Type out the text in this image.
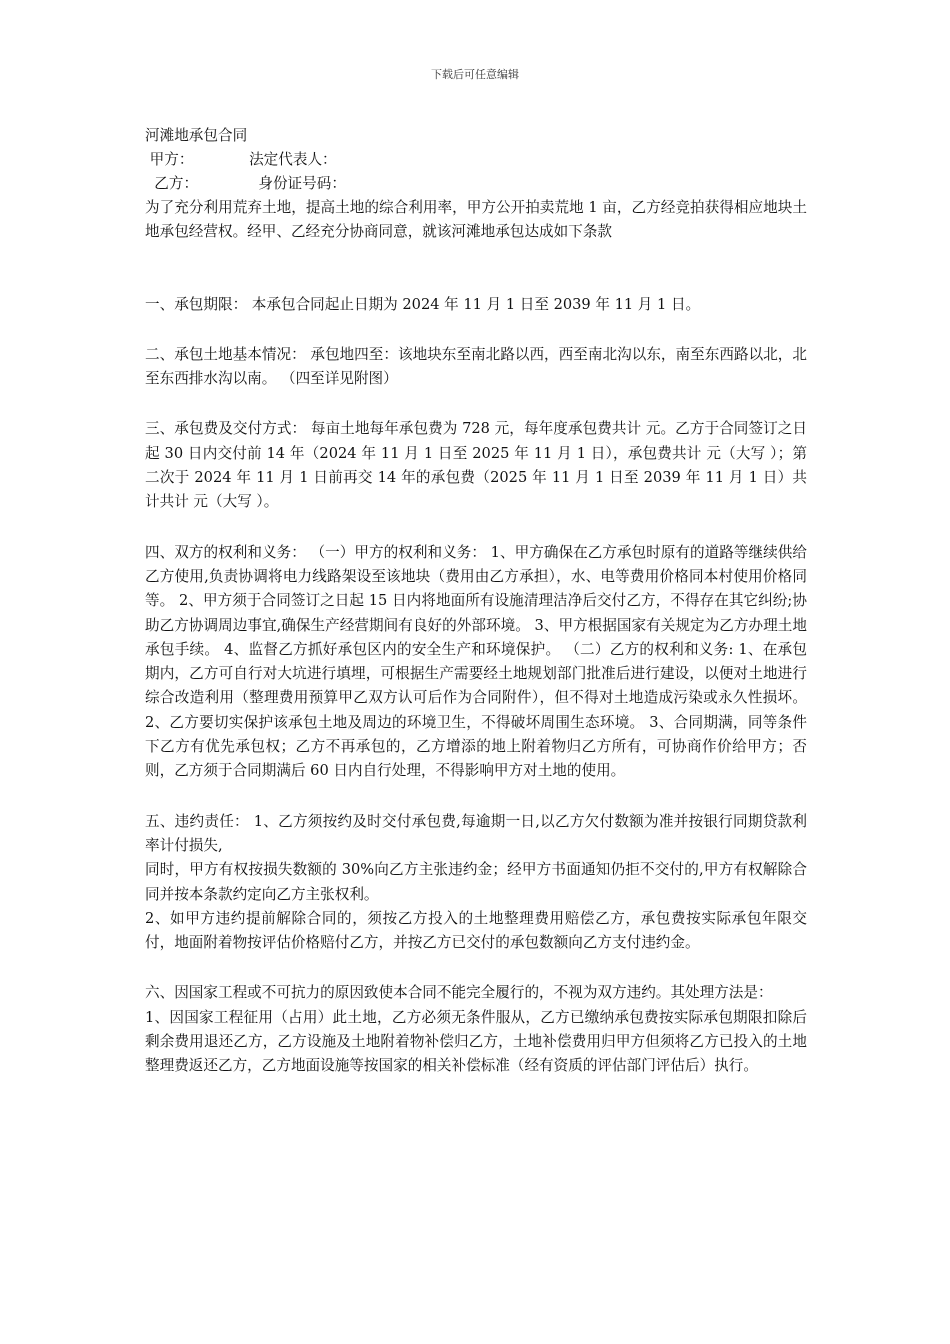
下载后可任意编辑
河滩地承包合同
甲方：            法定代表人：
乙方：             身份证号码：
为了充分利用荒弃土地，提高土地的综合利用率，甲方公开拍卖荒地 1 亩，乙方经竞拍获得相应地块土地承包经营权。经甲、乙经充分协商同意，就该河滩地承包达成如下条款
一、承包期限： 本承包合同起止日期为 2024 年 11 月 1 日至 2039 年 11 月 1 日。
二、承包土地基本情况： 承包地四至：该地块东至南北路以西，西至南北沟以东，南至东西路以北，北至东西排水沟以南。 （四至详见附图）
三、承包费及交付方式： 每亩土地每年承包费为 728 元，每年度承包费共计 元。乙方于合同签订之日起 30 日内交付前 14 年（2024 年 11 月 1 日至 2025 年 11 月 1 日），承包费共计 元（大写 ）；第二次于 2024 年 11 月 1 日前再交 14 年的承包费（2025 年 11 月 1 日至 2039 年 11 月 1 日）共计共计 元（大写 ）。
四、双方的权利和义务： （一）甲方的权利和义务： 1、甲方确保在乙方承包时原有的道路等继续供给乙方使用,负责协调将电力线路架设至该地块（费用由乙方承担），水、电等费用价格同本村使用价格同等。 2、甲方须于合同签订之日起 15 日内将地面所有设施清理洁净后交付乙方，不得存在其它纠纷;协助乙方协调周边事宜,确保生产经营期间有良好的外部环境。 3、甲方根据国家有关规定为乙方办理土地承包手续。 4、监督乙方抓好承包区内的安全生产和环境保护。 （二）乙方的权利和义务: 1、在承包期内，乙方可自行对大坑进行填埋，可根据生产需要经土地规划部门批准后进行建设，以便对土地进行综合改造利用（整理费用预算甲乙双方认可后作为合同附件），但不得对土地造成污染或永久性损坏。 2、乙方要切实保护该承包土地及周边的环境卫生，不得破坏周围生态环境。 3、合同期满，同等条件下乙方有优先承包权；乙方不再承包的，乙方增添的地上附着物归乙方所有，可协商作价给甲方；否则，乙方须于合同期满后 60 日内自行处理，不得影响甲方对土地的使用。
五、违约责任： 1、乙方须按约及时交付承包费,每逾期一日,以乙方欠付数额为准并按银行同期贷款利率计付损失,
同时，甲方有权按损失数额的 30%向乙方主张违约金；经甲方书面通知仍拒不交付的,甲方有权解除合同并按本条款约定向乙方主张权利。
2、如甲方违约提前解除合同的，须按乙方投入的土地整理费用赔偿乙方，承包费按实际承包年限交付，地面附着物按评估价格赔付乙方，并按乙方已交付的承包数额向乙方支付违约金。
六、因国家工程或不可抗力的原因致使本合同不能完全履行的，不视为双方违约。其处理方法是：
1、因国家工程征用（占用）此土地，乙方必须无条件服从，乙方已缴纳承包费按实际承包期限扣除后剩余费用退还乙方，乙方设施及土地附着物补偿归乙方，土地补偿费用归甲方但须将乙方已投入的土地整理费返还乙方，乙方地面设施等按国家的相关补偿标准（经有资质的评估部门评估后）执行。
